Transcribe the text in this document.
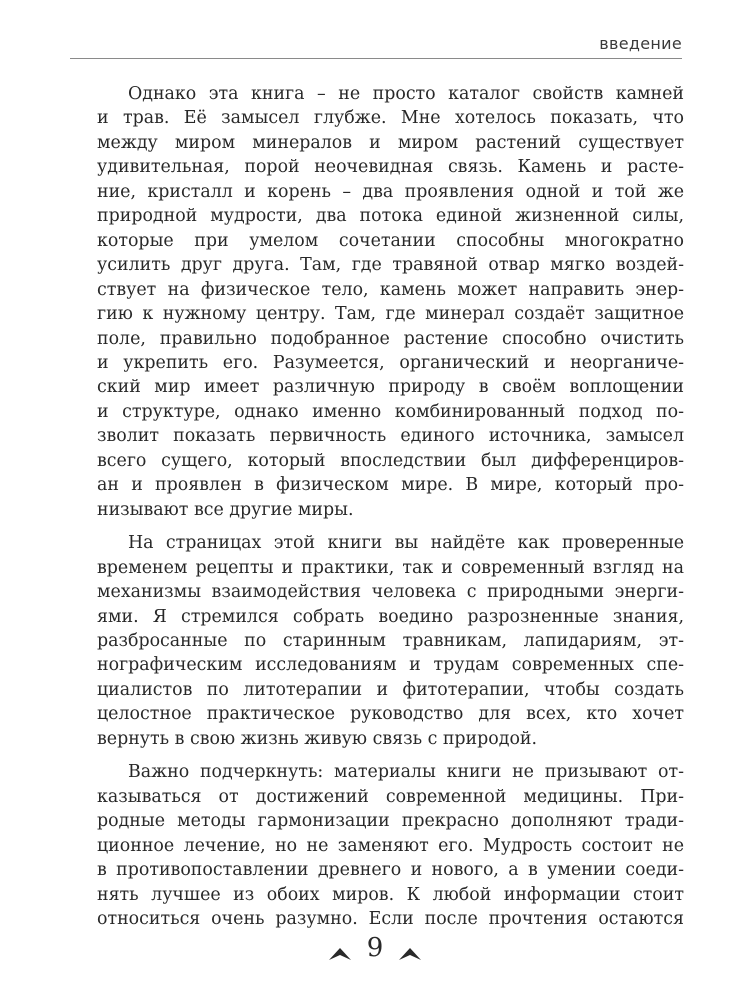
введение

Однако эта книга – не просто каталог свойств камней
и трав. Её замысел глубже. Мне хотелось показать, что
между миром минералов и миром растений существует
удивительная, порой неочевидная связь. Камень и расте-
ние, кристалл и корень – два проявления одной и той же
природной мудрости, два потока единой жизненной силы,
которые при умелом сочетании способны многократно
усилить друг друга. Там, где травяной отвар мягко воздей-
ствует на физическое тело, камень может направить энер-
гию к нужному центру. Там, где минерал создаёт защитное
поле, правильно подобранное растение способно очистить
и укрепить его. Разумеется, органический и неорганиче-
ский мир имеет различную природу в своём воплощении
и структуре, однако именно комбинированный подход по-
зволит показать первичность единого источника, замысел
всего сущего, который впоследствии был дифференциров-
ан и проявлен в физическом мире. В мире, который про-
низывают все другие миры.

На страницах этой книги вы найдёте как проверенные
временем рецепты и практики, так и современный взгляд на
механизмы взаимодействия человека с природными энерги-
ями. Я стремился собрать воедино разрозненные знания,
разбросанные по старинным травникам, лапидариям, эт-
нографическим исследованиям и трудам современных спе-
циалистов по литотерапии и фитотерапии, чтобы создать
целостное практическое руководство для всех, кто хочет
вернуть в свою жизнь живую связь с природой.

Важно подчеркнуть: материалы книги не призывают от-
казываться от достижений современной медицины. При-
родные методы гармонизации прекрасно дополняют тради-
ционное лечение, но не заменяют его. Мудрость состоит не
в противопоставлении древнего и нового, а в умении соеди-
нять лучшее из обоих миров. К любой информации стоит
относиться очень разумно. Если после прочтения остаются

9
